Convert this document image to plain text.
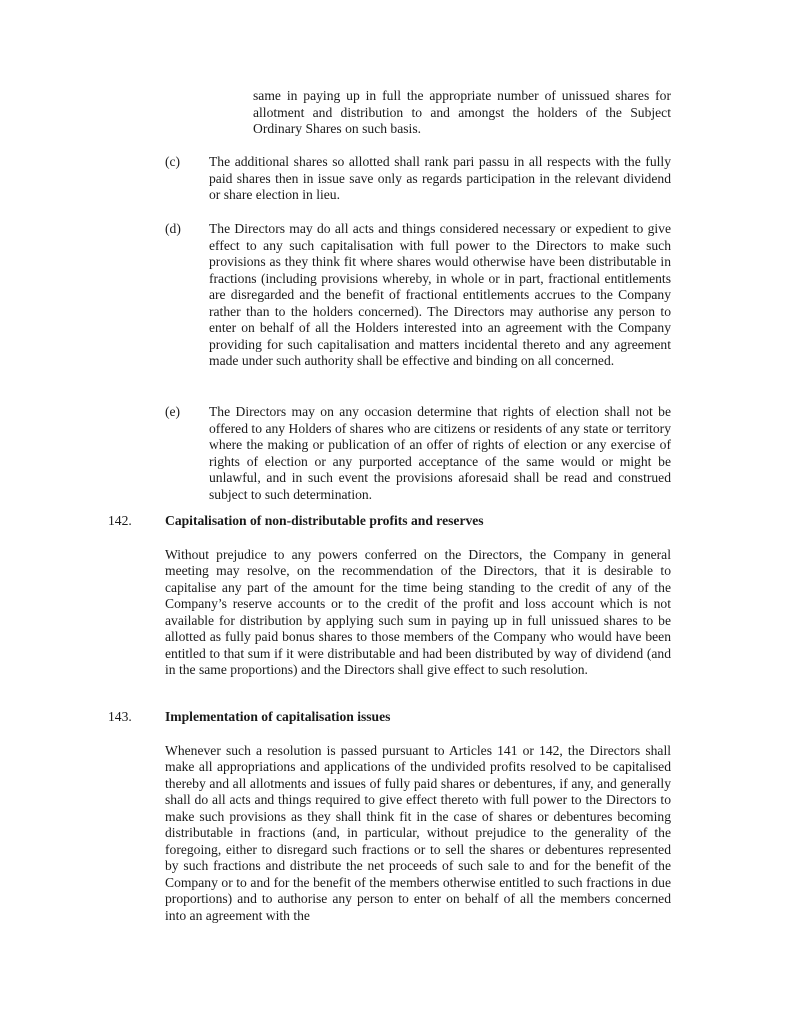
same in paying up in full the appropriate number of unissued shares for allotment and distribution to and amongst the holders of the Subject Ordinary Shares on such basis.

(c) The additional shares so allotted shall rank pari passu in all respects with the fully paid shares then in issue save only as regards participation in the relevant dividend or share election in lieu.
(d) The Directors may do all acts and things considered necessary or expedient to give effect to any such capitalisation with full power to the Directors to make such provisions as they think fit where shares would otherwise have been distributable in fractions (including provisions whereby, in whole or in part, fractional entitlements are disregarded and the benefit of fractional entitlements accrues to the Company rather than to the holders concerned). The Directors may authorise any person to enter on behalf of all the Holders interested into an agreement with the Company providing for such capitalisation and matters incidental thereto and any agreement made under such authority shall be effective and binding on all concerned.
(e) The Directors may on any occasion determine that rights of election shall not be offered to any Holders of shares who are citizens or residents of any state or territory where the making or publication of an offer of rights of election or any exercise of rights of election or any purported acceptance of the same would or might be unlawful, and in such event the provisions aforesaid shall be read and construed subject to such determination.
142. Capitalisation of non-distributable profits and reserves
Without prejudice to any powers conferred on the Directors, the Company in general meeting may resolve, on the recommendation of the Directors, that it is desirable to capitalise any part of the amount for the time being standing to the credit of any of the Company’s reserve accounts or to the credit of the profit and loss account which is not available for distribution by applying such sum in paying up in full unissued shares to be allotted as fully paid bonus shares to those members of the Company who would have been entitled to that sum if it were distributable and had been distributed by way of dividend (and in the same proportions) and the Directors shall give effect to such resolution.
143. Implementation of capitalisation issues
Whenever such a resolution is passed pursuant to Articles 141 or 142, the Directors shall make all appropriations and applications of the undivided profits resolved to be capitalised thereby and all allotments and issues of fully paid shares or debentures, if any, and generally shall do all acts and things required to give effect thereto with full power to the Directors to make such provisions as they shall think fit in the case of shares or debentures becoming distributable in fractions (and, in particular, without prejudice to the generality of the foregoing, either to disregard such fractions or to sell the shares or debentures represented by such fractions and distribute the net proceeds of such sale to and for the benefit of the Company or to and for the benefit of the members otherwise entitled to such fractions in due proportions) and to authorise any person to enter on behalf of all the members concerned into an agreement with the
